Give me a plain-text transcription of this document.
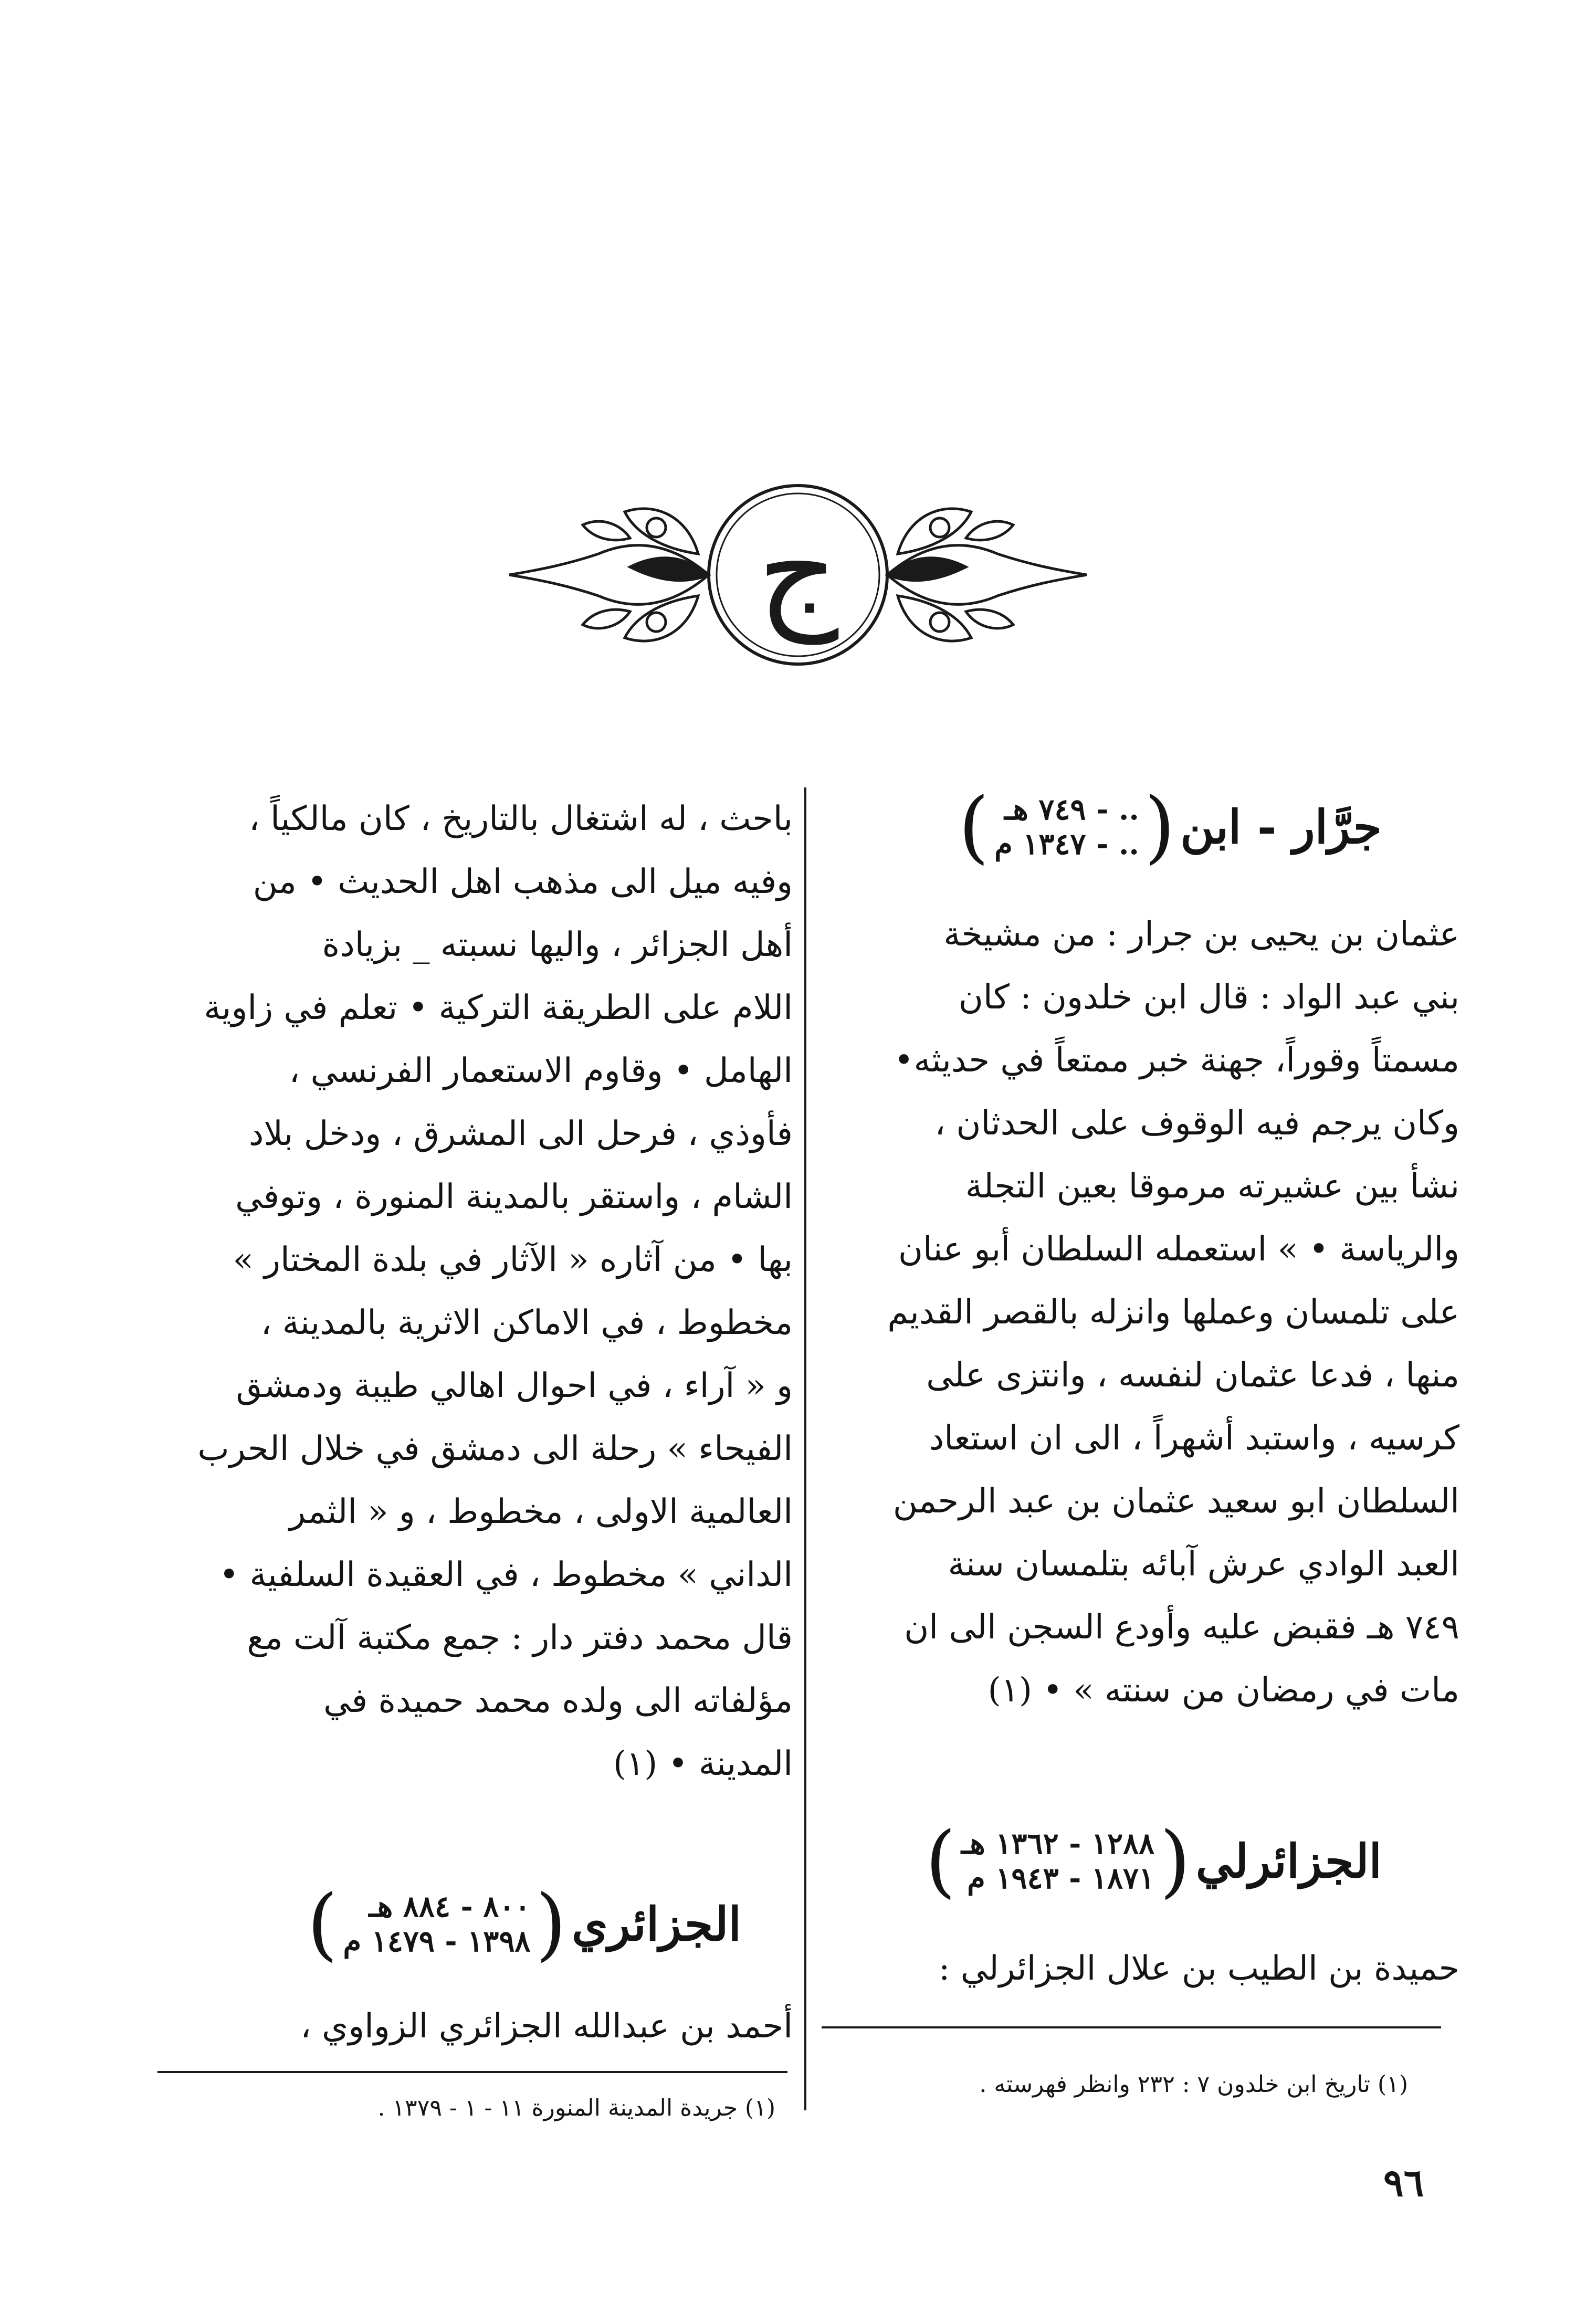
ج
جرَّار - ابن
(
.. - ٧٤٩ هـ
.. - ١٣٤٧ م
)
عثمان بن يحيى بن جرار : من مشيخة
بني عبد الواد : قال ابن خلدون : كان
مسمتاً وقوراً، جهنة خبر ممتعاً في حديثه•
وكان يرجم فيه الوقوف على الحدثان ،
نشأ بين عشيرته مرموقا بعين التجلة
والرياسة • » استعمله السلطان أبو عنان
على تلمسان وعملها وانزله بالقصر القديم
منها ، فدعا عثمان لنفسه ، وانتزى على
كرسيه ، واستبد أشهراً ، الى ان استعاد
السلطان ابو سعيد عثمان بن عبد الرحمن
العبد الوادي عرش آبائه بتلمسان سنة
٧٤٩ هـ فقبض عليه وأودع السجن الى ان
مات في رمضان من سنته » • (١)
الجزائرلي
(
١٢٨٨ - ١٣٦٢ هـ
١٨٧١ - ١٩٤٣ م
)
حميدة بن الطيب بن علال الجزائرلي :
(١) تاريخ ابن خلدون ٧ : ٢٣٢ وانظر فهرسته .
باحث ، له اشتغال بالتاريخ ، كان مالكياً ،
وفيه ميل الى مذهب اهل الحديث • من
أهل الجزائر ، واليها نسبته _ بزيادة
اللام على الطريقة التركية • تعلم في زاوية
الهامل • وقاوم الاستعمار الفرنسي ،
فأوذي ، فرحل الى المشرق ، ودخل بلاد
الشام ، واستقر بالمدينة المنورة ، وتوفي
بها • من آثاره « الآثار في بلدة المختار »
مخطوط ، في الاماكن الاثرية بالمدينة ،
و « آراء ، في احوال اهالي طيبة ودمشق
الفيحاء » رحلة الى دمشق في خلال الحرب
العالمية الاولى ، مخطوط ، و « الثمر
الداني » مخطوط ، في العقيدة السلفية •
قال محمد دفتر دار : جمع مكتبة آلت مع
مؤلفاته الى ولده محمد حميدة في
المدينة • (١)
الجزائري
(
٨٠٠ - ٨٨٤ هـ
١٣٩٨ - ١٤٧٩ م
)
أحمد بن عبدالله الجزائري الزواوي ،
(١) جريدة المدينة المنورة ١١ - ١ - ١٣٧٩ .
٩٦
